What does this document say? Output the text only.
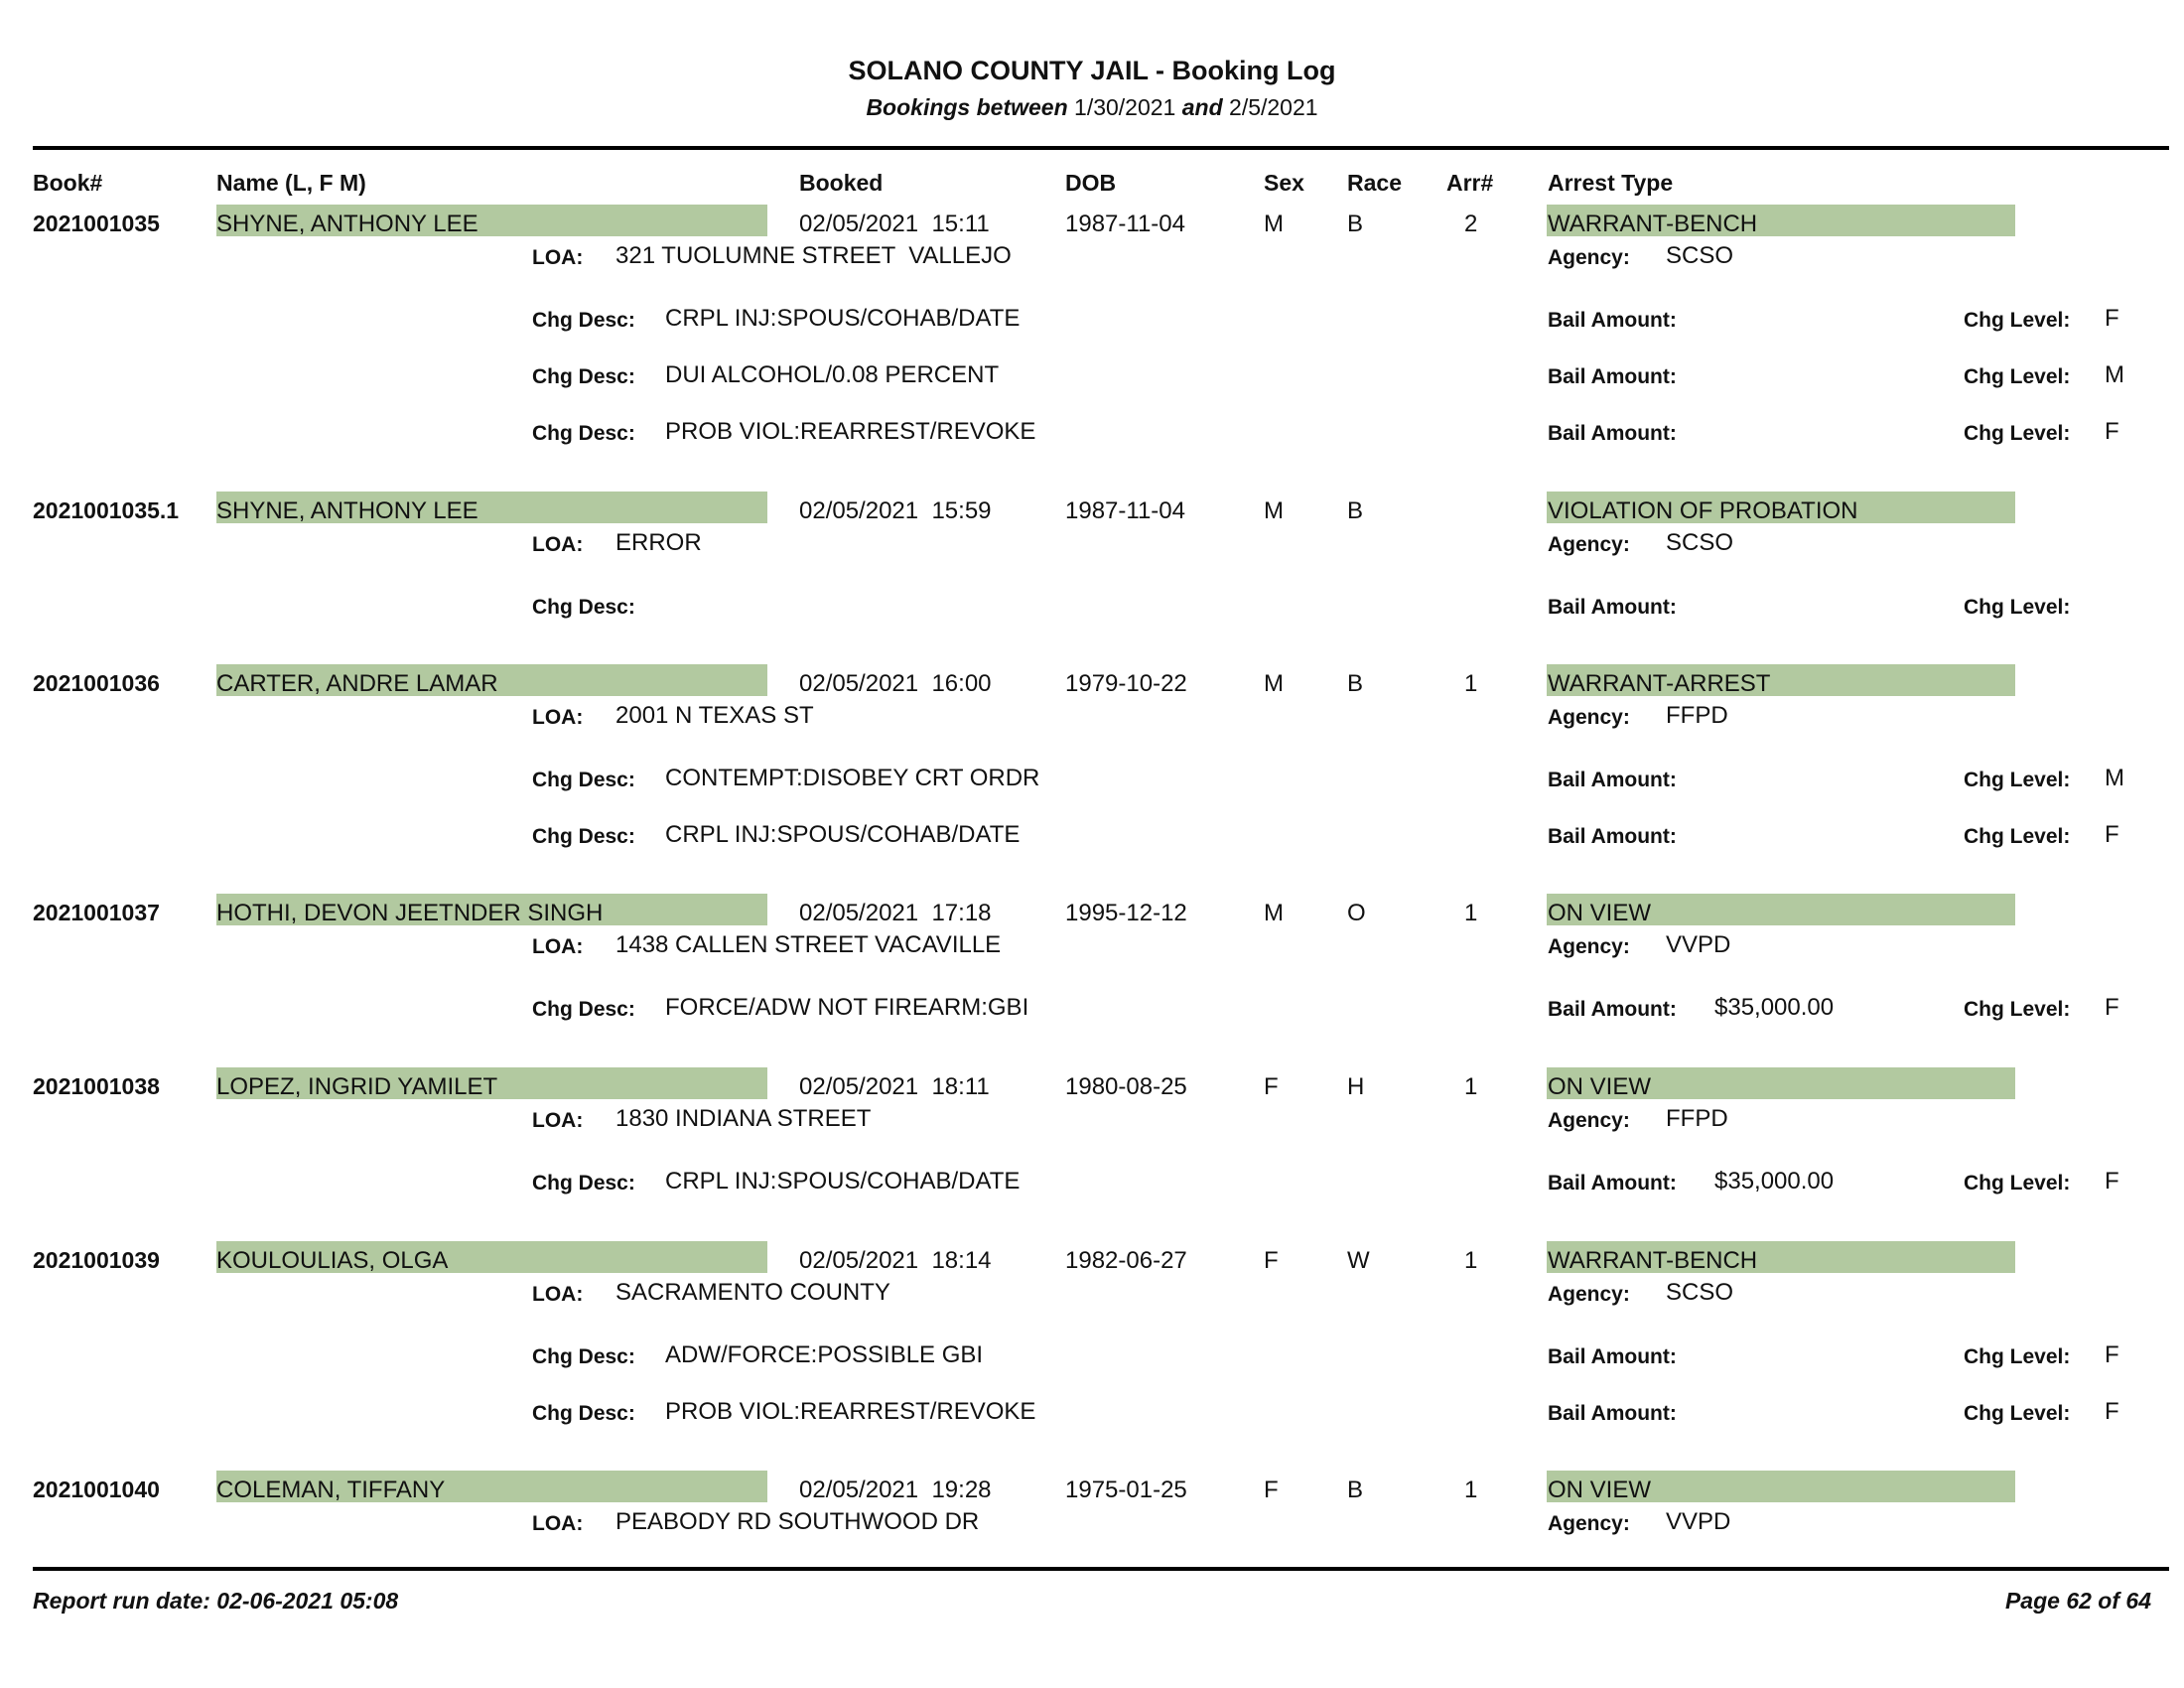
SOLANO COUNTY JAIL - Booking Log
Bookings between 1/30/2021 and 2/5/2021
Book#	Name (L, F M)	Booked	DOB	Sex Race Arr# Arrest Type
2021001035 SHYNE, ANTHONY LEE	02/05/2021  15:11	1987-11-04	M	B	2	WARRANT-BENCH
LOA: 321 TUOLUMNE STREET  VALLEJO	Agency: SCSO
Chg Desc: CRPL INJ:SPOUS/COHAB/DATE	Bail Amount:	Chg Level: F
Chg Desc: DUI ALCOHOL/0.08 PERCENT	Bail Amount:	Chg Level: M
Chg Desc: PROB VIOL:REARREST/REVOKE	Bail Amount:	Chg Level: F
2021001035.1 SHYNE, ANTHONY LEE	02/05/2021  15:59	1987-11-04	M	B	VIOLATION OF PROBATION
LOA: ERROR	Agency: SCSO
Chg Desc:	Bail Amount:	Chg Level:
2021001036 CARTER, ANDRE LAMAR	02/05/2021  16:00	1979-10-22	M	B	1	WARRANT-ARREST
LOA: 2001 N TEXAS ST	Agency: FFPD
Chg Desc: CONTEMPT:DISOBEY CRT ORDR	Bail Amount:	Chg Level: M
Chg Desc: CRPL INJ:SPOUS/COHAB/DATE	Bail Amount:	Chg Level: F
2021001037 HOTHI, DEVON JEETNDER SINGH	02/05/2021  17:18	1995-12-12	M	O	1	ON VIEW
LOA: 1438 CALLEN STREET VACAVILLE	Agency: VVPD
Chg Desc: FORCE/ADW NOT FIREARM:GBI	Bail Amount: $35,000.00	Chg Level: F
2021001038 LOPEZ, INGRID YAMILET	02/05/2021  18:11	1980-08-25	F	H	1	ON VIEW
LOA: 1830 INDIANA STREET	Agency: FFPD
Chg Desc: CRPL INJ:SPOUS/COHAB/DATE	Bail Amount: $35,000.00	Chg Level: F
2021001039 KOULOULIAS, OLGA	02/05/2021  18:14	1982-06-27	F	W	1	WARRANT-BENCH
LOA: SACRAMENTO COUNTY	Agency: SCSO
Chg Desc: ADW/FORCE:POSSIBLE GBI	Bail Amount:	Chg Level: F
Chg Desc: PROB VIOL:REARREST/REVOKE	Bail Amount:	Chg Level: F
2021001040 COLEMAN, TIFFANY	02/05/2021  19:28	1975-01-25	F	B	1	ON VIEW
LOA: PEABODY RD SOUTHWOOD DR	Agency: VVPD
Report run date: 02-06-2021 05:08	Page 62 of 64
